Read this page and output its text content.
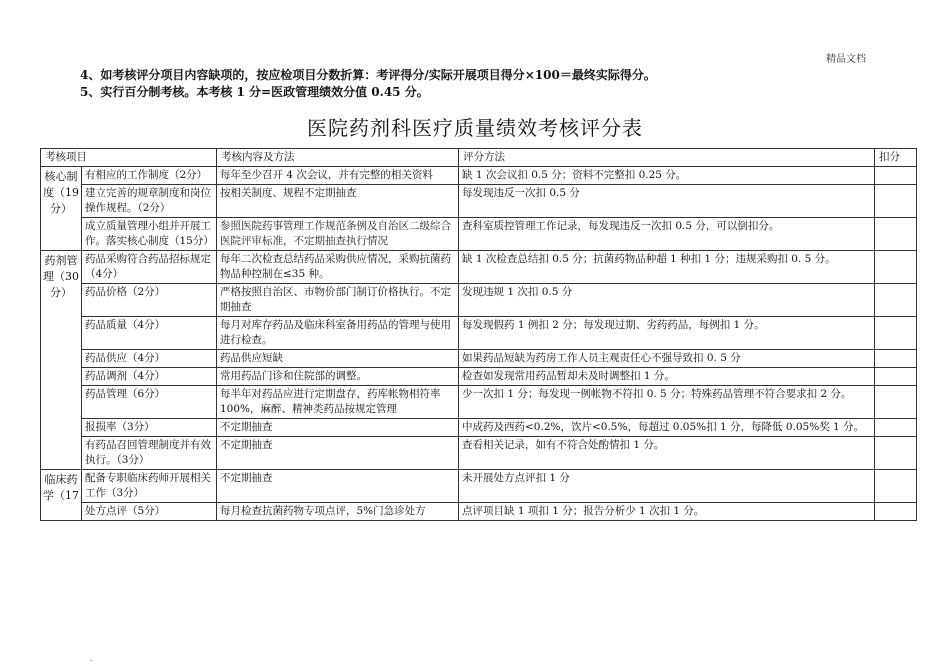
精品文档
4、如考核评分项目内容缺项的，按应检项目分数折算：考评得分/实际开展项目得分×100＝最终实际得分。
5、实行百分制考核。本考核 1 分=医政管理绩效分值 0.45 分。
医院药剂科医疗质量绩效考核评分表
考核项目		考核内容及方法	评分方法	扣分
核心制度（19分）	有相应的工作制度（2分）	每年至少召开 4 次会议，并有完整的相关资料	缺 1 次会议扣 0.5 分；资料不完整扣 0.25 分。	
	建立完善的规章制度和岗位操作规程。（2分）	按相关制度、规程不定期抽查	每发现违反一次扣 0.5 分	
	成立质量管理小组并开展工作。落实核心制度（15分）	参照医院药事管理工作规范条例及自治区二级综合医院评审标准，不定期抽查执行情况	查科室质控管理工作记录，每发现违反一次扣 0.5 分，可以倒扣分。	
药剂管理（30分）	药品采购符合药品招标规定（4分）	每年二次检查总结药品采购供应情况，采购抗菌药物品种控制在≤35 种。	缺 1 次检查总结扣 0.5 分；抗菌药物品种超 1 种扣 1 分；违规采购扣 0. 5 分。	
	药品价格（2分）	严格按照自治区、市物价部门制订价格执行。不定期抽查	发现违规 1 次扣 0.5 分	
	药品质量（4分）	每月对库存药品及临床科室备用药品的管理与使用进行检查。	每发现假药 1 例扣 2 分；每发现过期、劣药药品，每例扣 1 分。	
	药品供应（4分）	药品供应短缺	如果药品短缺为药房工作人员主观责任心不强导致扣 0. 5 分	
	药品调剂（4分）	常用药品门诊和住院部的调整。	检查如发现常用药品暂却未及时调整扣 1 分。	
	药品管理（6分）	每半年对药品应进行定期盘存，药库帐物相符率 100%，麻醉、精神类药品按规定管理	少一次扣 1 分；每发现一例帐物不符扣 0. 5 分；特殊药品管理不符合要求扣 2 分。	
	报损率（3分）	不定期抽查	中成药及西药<0.2%，饮片<0.5%，每超过 0.05%扣 1 分，每降低 0.05%奖 1 分。	
	有药品召回管理制度并有效执行。（3分）	不定期抽查	查看相关记录，如有不符合处酌情扣 1 分。	
临床药学（17	配备专职临床药师开展相关工作（3分）	不定期抽查	未开展处方点评扣 1 分	
	处方点评（5分）	每月检查抗菌药物专项点评，5%门急诊处方	点评项目缺 1 项扣 1 分；报告分析少 1 次扣 1 分。	
.
